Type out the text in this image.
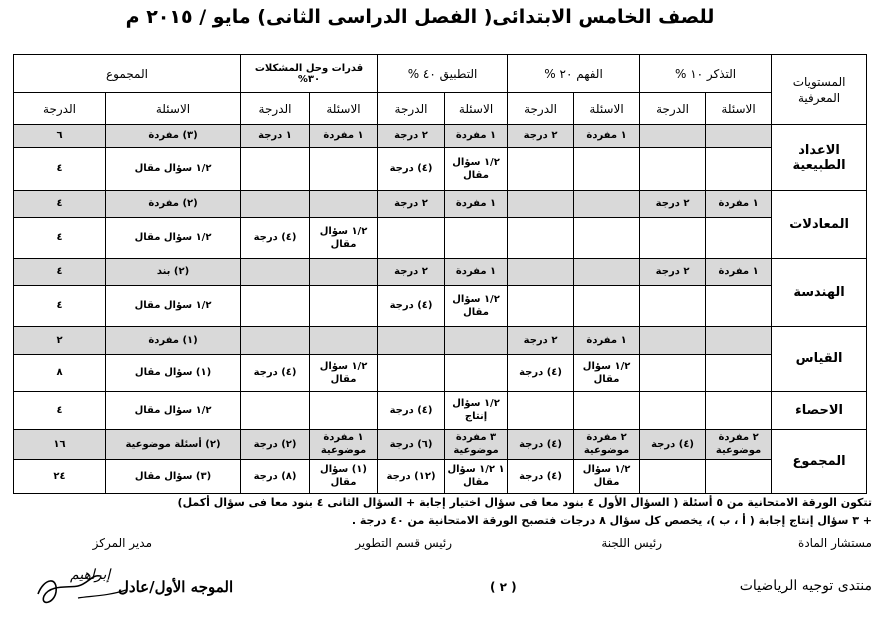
للصف الخامس الابتدائى( الفصل الدراسى الثانى) مايو / ٢٠١٥ م
المستويات المعرفية	التذكر ١٠ %		الفهم ٢٠ %		التطبيق ٤٠ %		قدرات وحل المشكلات ٣٠%		المجموع		
	الاسئلة	الدرجة	الاسئلة	الدرجة	الاسئلة	الدرجة	الاسئلة	الدرجة	الاسئلة	الدرجة	
الاعداد الطبيعية			١ مفردة	٢ درجة	١ مفردة	٢ درجة	١ مفردة	١ درجة	(٣) مفردة	٦	
					١/٢ سؤال مقال	(٤) درجة			١/٢ سؤال مقال	٤	
المعادلات	١ مفردة	٢ درجة			١ مفردة	٢ درجة			(٢) مفردة	٤	
							١/٢ سؤال مقال	(٤) درجة	١/٢ سؤال مقال	٤	
الهندسة	١ مفردة	٢ درجة			١ مفردة	٢ درجة			(٢) بند	٤	
					١/٢ سؤال مقال	(٤) درجة			١/٢ سؤال مقال	٤	
القياس			١ مفردة	٢ درجة					(١) مفردة	٢	
			١/٢ سؤال مقال	(٤) درجة			١/٢ سؤال مقال	(٤) درجة	(١) سؤال مقال	٨	
الاحصاء					١/٢ سؤال إنتاج	(٤) درجة			١/٢ سؤال مقال	٤	
المجموع	٢ مفردة موضوعية	(٤) درجة	٢ مفردة موضوعية	(٤) درجة	٣ مفردة موضوعية	(٦) درجة	١ مفردة موضوعية	(٢) درجة	(٢) أسئلة موضوعية	١٦	
			١/٢ سؤال مقال	(٤) درجة	١ ١/٢ سؤال مقال	(١٢) درجة	(١) سؤال مقال	(٨) درجة	(٣) سؤال مقال	٢٤	
تتكون الورقة الامتحانية من ٥ أسئلة ( السؤال الأول ٤ بنود معا فى سؤال اختيار إجابة + السؤال الثانى ٤ بنود معا فى سؤال أكمل)
+ ٣ سؤال إنتاج إجابة ( أ ، ب )، يخصص كل سؤال ٨ درجات فتصبح الورقة الامتحانية من ٤٠ درجة .
مستشار المادة
رئيس اللجنة
رئيس قسم التطوير
مدير المركز
( ٢ )	منتدى توجيه الرياضيات
الموجه الأول/عادل
إبراهيم
